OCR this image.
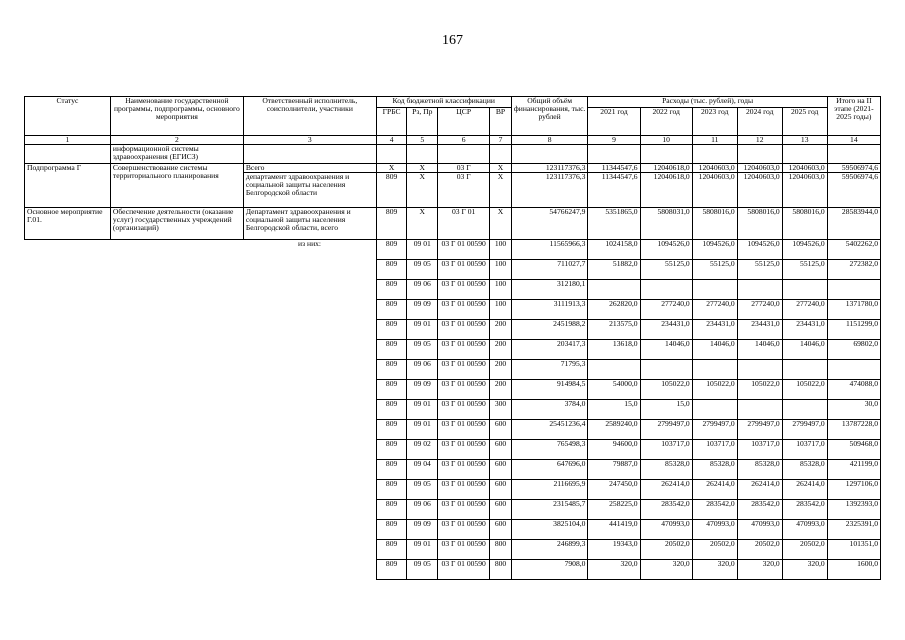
167
Статус	Наименование государственной программы, подпрограммы, основного мероприятия	Ответственный исполнитель, соисполнители, участники	Код бюджетной классификации				Общий объём финансирования, тыс. рублей	Расходы (тыс. рублей), годы					Итого на II этапе (2021-2025 годы)
			ГРБС	Рз, Пр	ЦСР	ВР		2021 год	2022 год	2023 год	2024 год	2025 год	
1	2	3	4	5	6	7	8	9	10	11	12	13	14
	информационной системы здравоохранения (ЕГИСЗ)												
Подпрограмма Г	Совершенствование системы территориального планирования	Всего	Х	Х	03 Г	Х	123117376,3	11344547,6	12040618,0	12040603,0	12040603,0	12040603,0	59506974,6
		департамент здравоохранения и социальной защиты населения Белгородской области	809	Х	03 Г	Х	123117376,3	11344547,6	12040618,0	12040603,0	12040603,0	12040603,0	59506974,6
Основное мероприятие Г.01.	Обеспечение деятельности (оказание услуг) государственных учреждений (организаций)	Департамент здравоохранения и социальной защиты населения Белгородской области, всего	809	Х	03 Г 01	Х	54766247,9	5351865,0	5808031,0	5808016,0	5808016,0	5808016,0	28583944,0
		из них:	809	09 01	03 Г 01 00590	100	11565966,3	1024158,0	1094526,0	1094526,0	1094526,0	1094526,0	5402262,0
			809	09 05	03 Г 01 00590	100	711027,7	51882,0	55125,0	55125,0	55125,0	55125,0	272382,0
			809	09 06	03 Г 01 00590	100	312180,1						
			809	09 09	03 Г 01 00590	100	3111913,3	262820,0	277240,0	277240,0	277240,0	277240,0	1371780,0
			809	09 01	03 Г 01 00590	200	2451988,2	213575,0	234431,0	234431,0	234431,0	234431,0	1151299,0
			809	09 05	03 Г 01 00590	200	203417,3	13618,0	14046,0	14046,0	14046,0	14046,0	69802,0
			809	09 06	03 Г 01 00590	200	71795,3						
			809	09 09	03 Г 01 00590	200	914984,5	54000,0	105022,0	105022,0	105022,0	105022,0	474088,0
			809	09 01	03 Г 01 00590	300	3784,0	15,0	15,0				30,0
			809	09 01	03 Г 01 00590	600	25451236,4	2589240,0	2799497,0	2799497,0	2799497,0	2799497,0	13787228,0
			809	09 02	03 Г 01 00590	600	765498,3	94600,0	103717,0	103717,0	103717,0	103717,0	509468,0
			809	09 04	03 Г 01 00590	600	647696,0	79887,0	85328,0	85328,0	85328,0	85328,0	421199,0
			809	09 05	03 Г 01 00590	600	2116695,9	247450,0	262414,0	262414,0	262414,0	262414,0	1297106,0
			809	09 06	03 Г 01 00590	600	2315485,7	258225,0	283542,0	283542,0	283542,0	283542,0	1392393,0
			809	09 09	03 Г 01 00590	600	3825104,0	441419,0	470993,0	470993,0	470993,0	470993,0	2325391,0
			809	09 01	03 Г 01 00590	800	246899,3	19343,0	20502,0	20502,0	20502,0	20502,0	101351,0
			809	09 05	03 Г 01 00590	800	7908,0	320,0	320,0	320,0	320,0	320,0	1600,0
